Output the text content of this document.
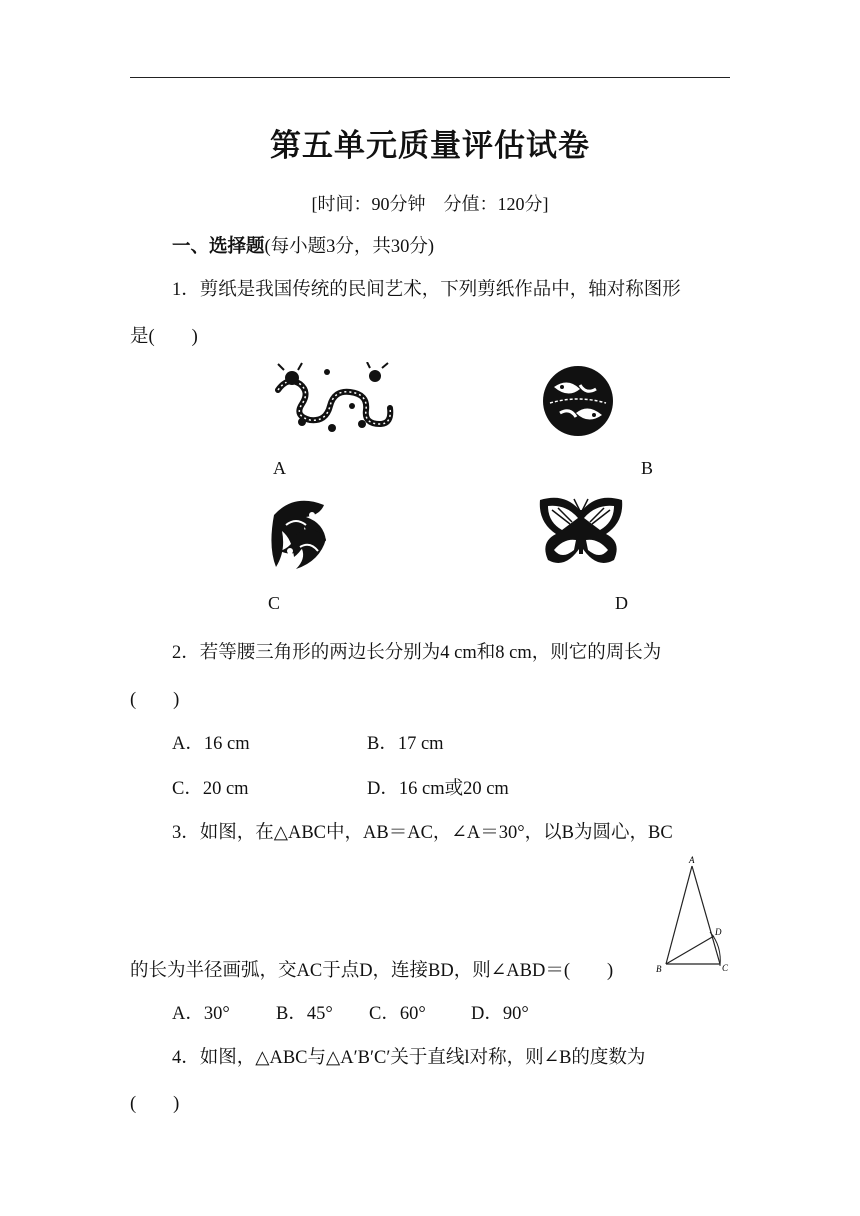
第五单元质量评估试卷
[时间：90分钟　分值：120分]
一、选择题(每小题3分，共30分)
1．剪纸是我国传统的民间艺术，下列剪纸作品中，轴对称图形
是(　　)
A	B
C	D
2．若等腰三角形的两边长分别为4 cm和8 cm，则它的周长为
(　　)
A．16 cm	B．17 cm
C．20 cm	D．16 cm或20 cm
3．如图，在△ABC中，AB＝AC，∠A＝30°，以B为圆心，BC
的长为半径画弧，交AC于点D，连接BD，则∠ABD＝(　　)
A
B	C
D
A．30° B．45° C．60° D．90°
4．如图，△ABC与△A′B′C′关于直线l对称，则∠B的度数为
(　　)
